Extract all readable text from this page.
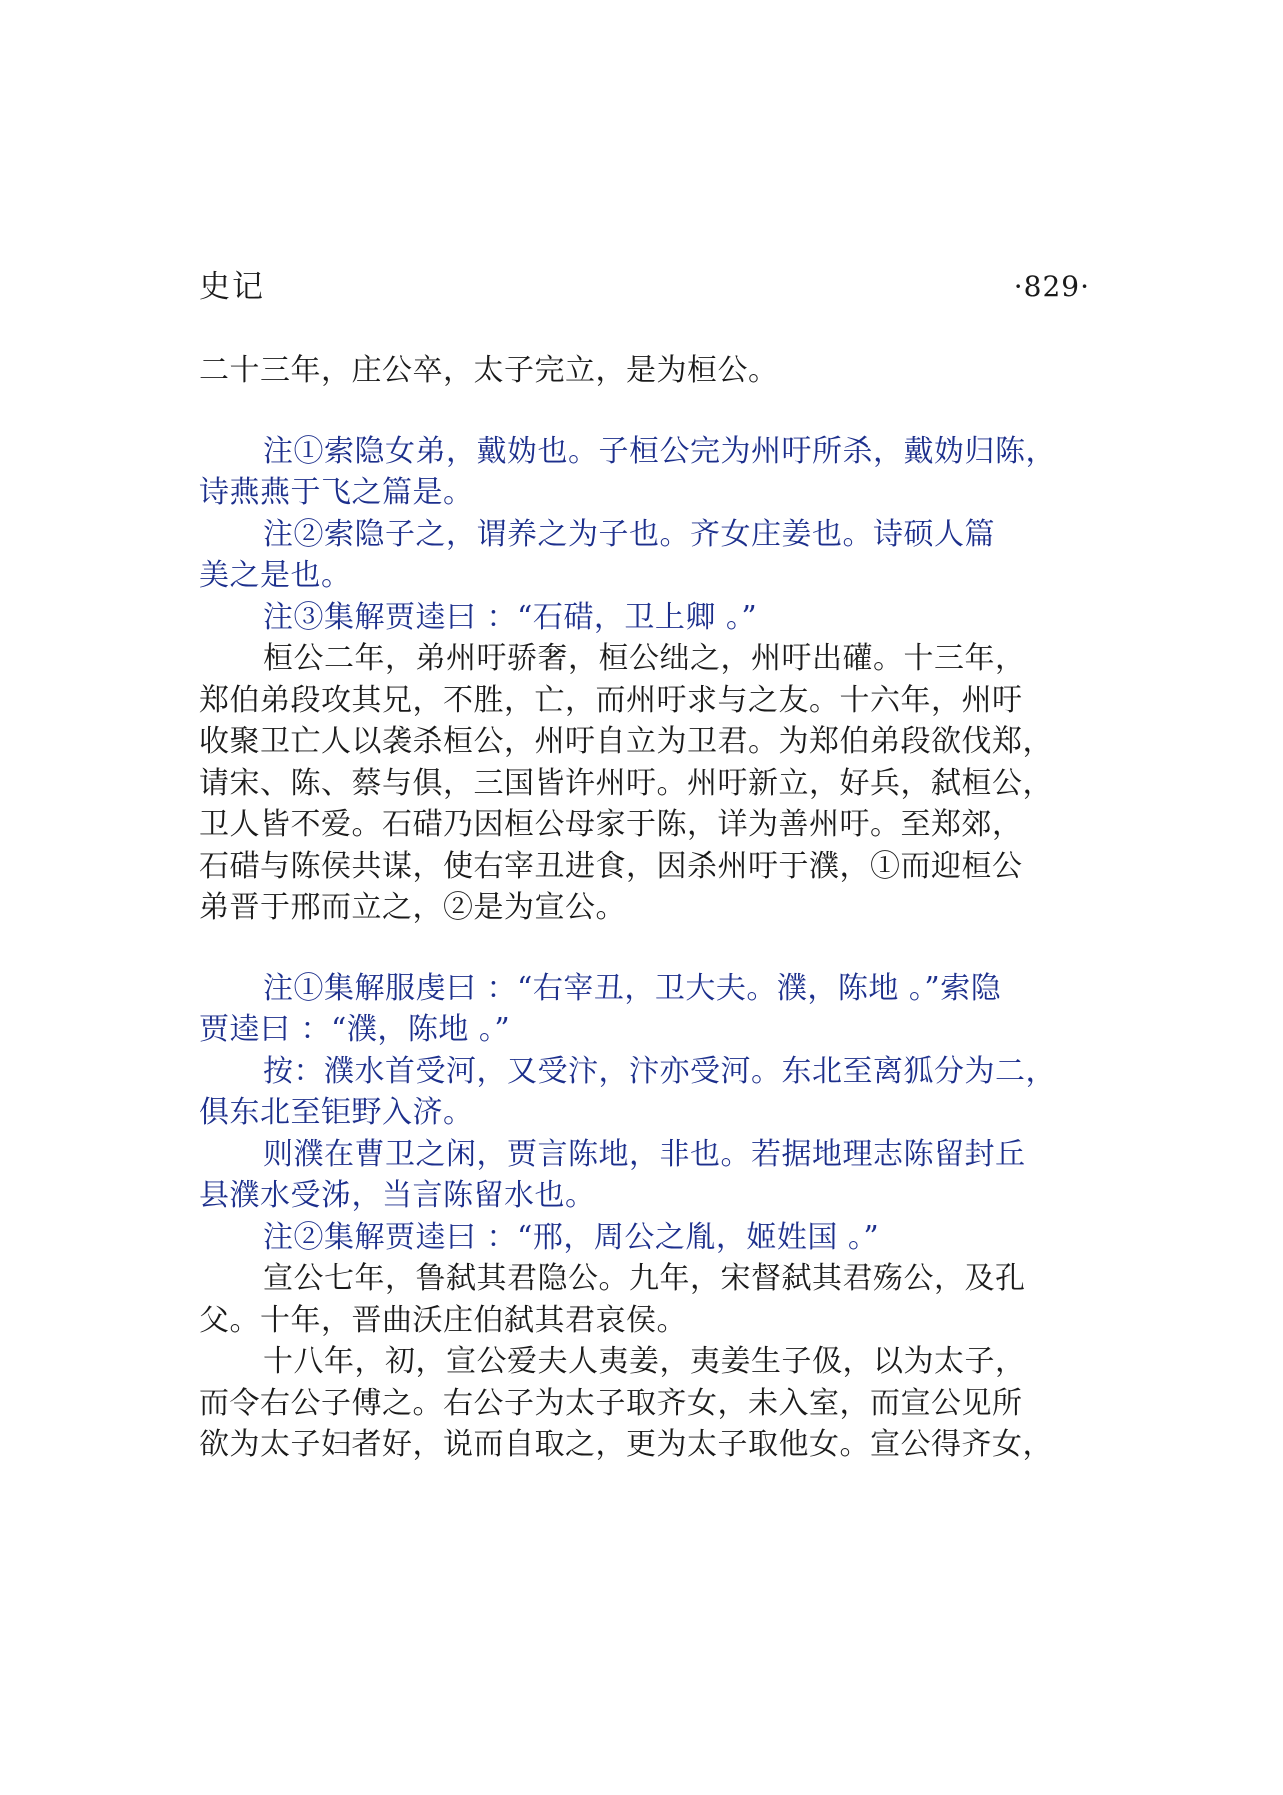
史记	·829·
二十三年，庄公卒，太子完立，是为桓公。
注①索隐女弟，戴妫也。子桓公完为州吁所杀，戴妫归陈，
诗燕燕于飞之篇是。
注②索隐子之，谓养之为子也。齐女庄姜也。诗硕人篇
美之是也。
注③集解贾逵曰 ：“石碏，卫上卿 。”
桓公二年，弟州吁骄奢，桓公绌之，州吁出礶。十三年，
郑伯弟段攻其兄，不胜，亡，而州吁求与之友。十六年，州吁
收聚卫亡人以袭杀桓公，州吁自立为卫君。为郑伯弟段欲伐郑，
请宋、陈、蔡与俱，三国皆许州吁。州吁新立，好兵，弑桓公，
卫人皆不爱。石碏乃因桓公母家于陈，详为善州吁。至郑郊，
石碏与陈侯共谋，使右宰丑进食，因杀州吁于濮，①而迎桓公
弟晋于邢而立之，②是为宣公。
注①集解服虔曰 ：“右宰丑，卫大夫。濮，陈地 。”索隐
贾逵曰 ：“濮，陈地 。”
按：濮水首受河，又受汴，汴亦受河。东北至离狐分为二，
俱东北至钜野入济。
则濮在曹卫之闲，贾言陈地，非也。若据地理志陈留封丘
县濮水受泲，当言陈留水也。
注②集解贾逵曰 ：“邢，周公之胤，姬姓国 。”
宣公七年，鲁弑其君隐公。九年，宋督弑其君殇公，及孔
父。十年，晋曲沃庄伯弑其君哀侯。
十八年，初，宣公爱夫人夷姜，夷姜生子伋，以为太子，
而令右公子傅之。右公子为太子取齐女，未入室，而宣公见所
欲为太子妇者好，说而自取之，更为太子取他女。宣公得齐女，
